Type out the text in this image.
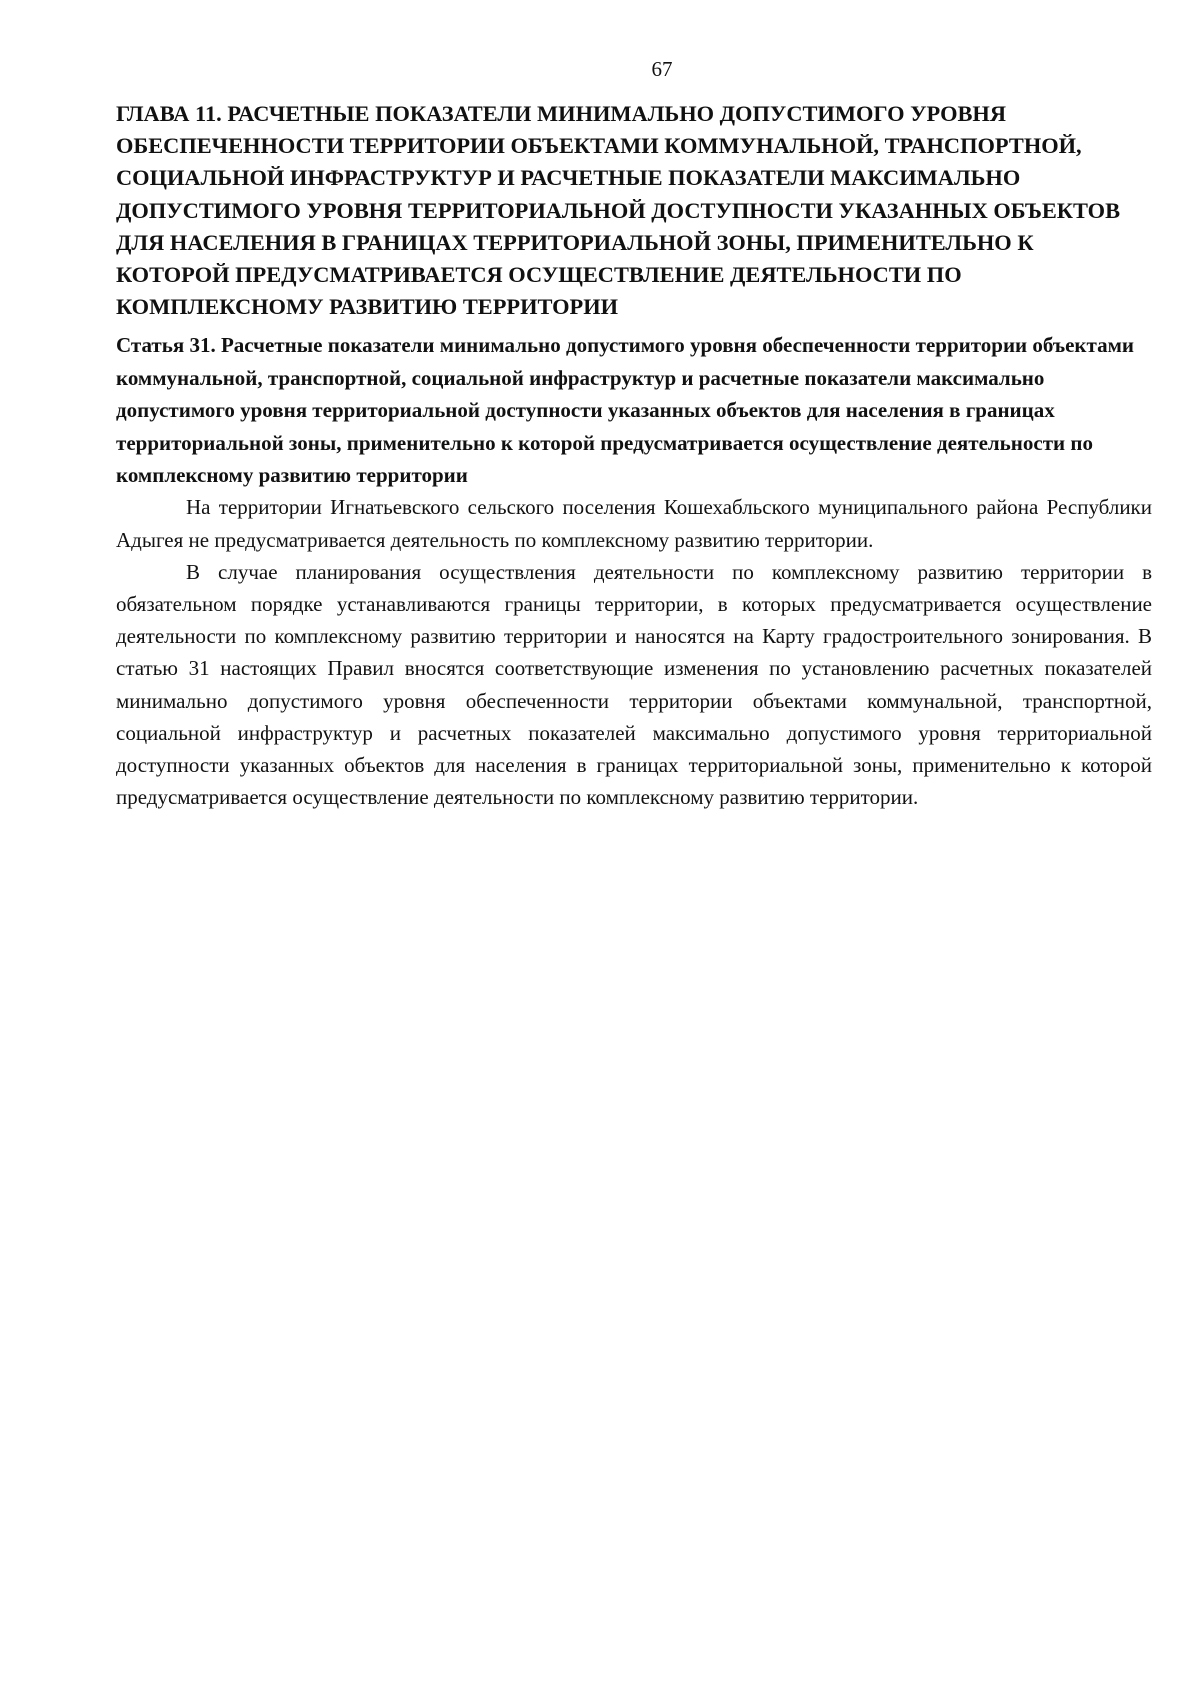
67
ГЛАВА 11. РАСЧЕТНЫЕ ПОКАЗАТЕЛИ МИНИМАЛЬНО ДОПУСТИМОГО УРОВНЯ ОБЕСПЕЧЕННОСТИ ТЕРРИТОРИИ ОБЪЕКТАМИ КОММУНАЛЬНОЙ, ТРАНСПОРТНОЙ, СОЦИАЛЬНОЙ ИНФРАСТРУКТУР И РАСЧЕТНЫЕ ПОКАЗАТЕЛИ МАКСИМАЛЬНО ДОПУСТИМОГО УРОВНЯ ТЕРРИТОРИАЛЬНОЙ ДОСТУПНОСТИ УКАЗАННЫХ ОБЪЕКТОВ ДЛЯ НАСЕЛЕНИЯ В ГРАНИЦАХ ТЕРРИТОРИАЛЬНОЙ ЗОНЫ, ПРИМЕНИТЕЛЬНО К КОТОРОЙ ПРЕДУСМАТРИВАЕТСЯ ОСУЩЕСТВЛЕНИЕ ДЕЯТЕЛЬНОСТИ ПО КОМПЛЕКСНОМУ РАЗВИТИЮ ТЕРРИТОРИИ
Статья 31. Расчетные показатели минимально допустимого уровня обеспеченности территории объектами коммунальной, транспортной, социальной инфраструктур и расчетные показатели максимально допустимого уровня территориальной доступности указанных объектов для населения в границах территориальной зоны, применительно к которой предусматривается осуществление деятельности по комплексному развитию территории

На территории Игнатьевского сельского поселения Кошехабльского муниципального района Республики Адыгея не предусматривается деятельность по комплексному развитию территории.

В случае планирования осуществления деятельности по комплексному развитию территории в обязательном порядке устанавливаются границы территории, в которых предусматривается осуществление деятельности по комплексному развитию территории и наносятся на Карту градостроительного зонирования. В статью 31 настоящих Правил вносятся соответствующие изменения по установлению расчетных показателей минимально допустимого уровня обеспеченности территории объектами коммунальной, транспортной, социальной инфраструктур и расчетных показателей максимально допустимого уровня территориальной доступности указанных объектов для населения в границах территориальной зоны, применительно к которой предусматривается осуществление деятельности по комплексному развитию территории.
